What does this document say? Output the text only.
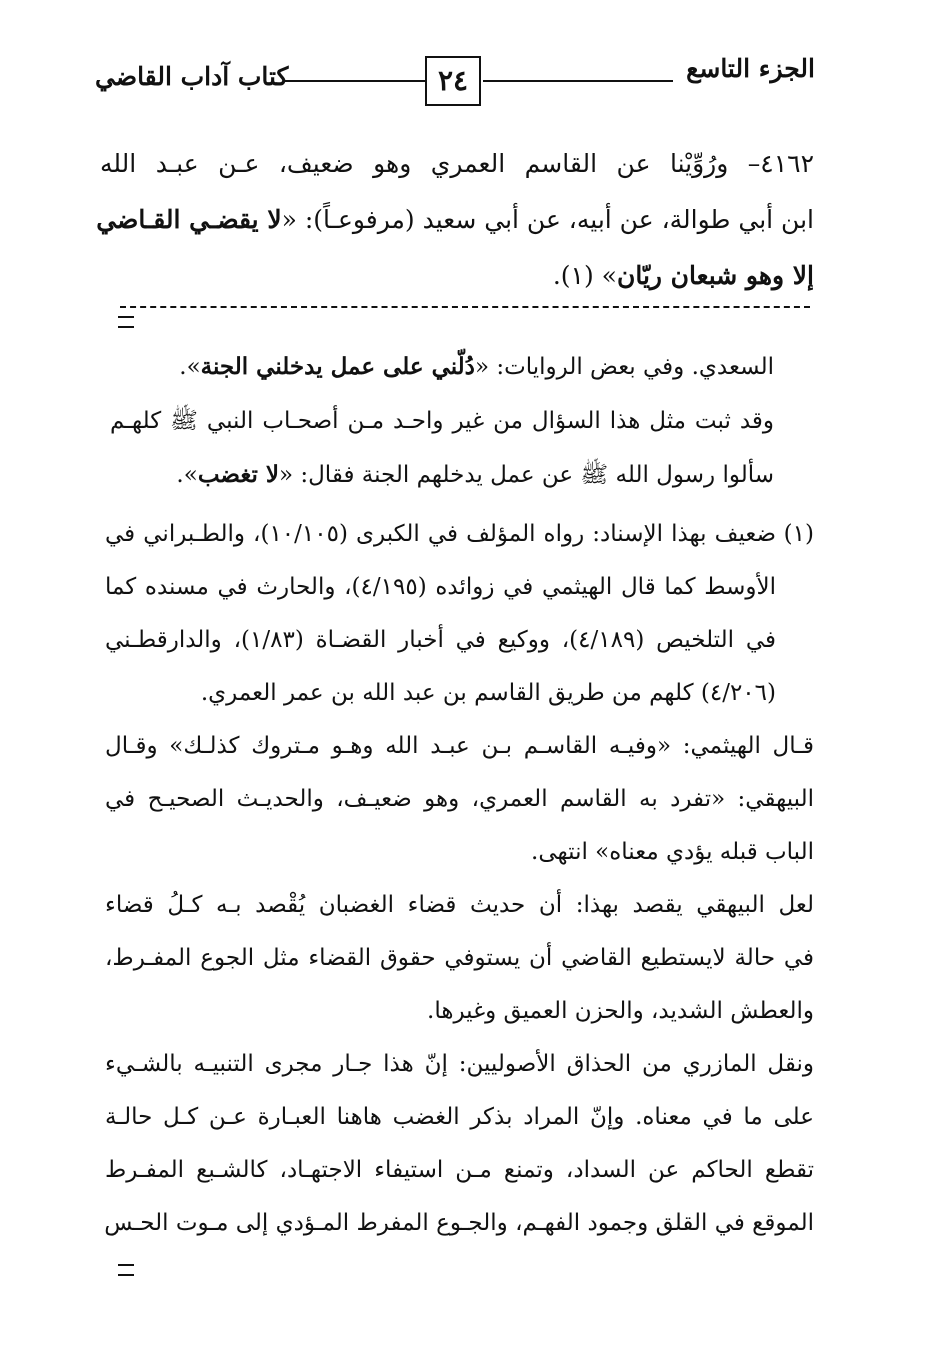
الجزء التاسع
٢٤
كتاب آداب القاضي
٤١٦٢– ورُوِّيْنا عن القاسم العمري وهو ضعيف، عـن عبـد الله
ابن أبي طوالة، عن أبيه، عن أبي سعيد (مرفوعـاً): «لا يقضـي القـاضي
إلا وهو شبعان ريّان» (١).
السعدي. وفي بعض الروايات: «دُلّني على عمل يدخلني الجنة».
وقد ثبت مثل هذا السؤال من غير واحـد مـن أصحـاب النبي ﷺ كلهـم
سألوا رسول الله ﷺ عن عمل يدخلهم الجنة فقال: «لا تغضب».
(١)
ضعيف بهذا الإسناد: رواه المؤلف في الكبرى (١٠/١٠٥)، والطـبراني في
الأوسط كما قال الهيثمي في زوائده (٤/١٩٥)، والحارث في مسنده كما
في التلخيص (٤/١٨٩)، ووكيع في أخبار القضـاة (١/٨٣)، والدارقطـني
(٤/٢٠٦) كلهم من طريق القاسم بن عبد الله بن عمر العمري.
قـال الهيثمي: «وفيـه القاسـم بـن عبـد الله وهـو مـتروك كذلـك» وقـال
البيهقي: «تفرد به القاسم العمري، وهو ضعيـف، والحديـث الصحيـح في
الباب قبله يؤدي معناه» انتهى.
لعل البيهقي يقصد بهذا: أن حديث قضاء الغضبان يُقْصد بـه كـلُ قضاء
في حالة لايستطيع القاضي أن يستوفي حقوق القضاء مثل الجوع المفـرط،
والعطش الشديد، والحزن العميق وغيرها.
ونقل المازري من الحذاق الأصوليين: إنّ هذا جـار مجرى التنبيـه بالشـيء
على ما في معناه. وإنّ المراد بذكر الغضب هاهنا العبـارة عـن كـل حالـة
تقطع الحاكم عن السداد، وتمنع مـن استيفاء الاجتهـاد، كالشـبع المفـرط
الموقع في القلق وجمود الفهـم، والجـوع المفرط المـؤدي إلى مـوت الحـس
